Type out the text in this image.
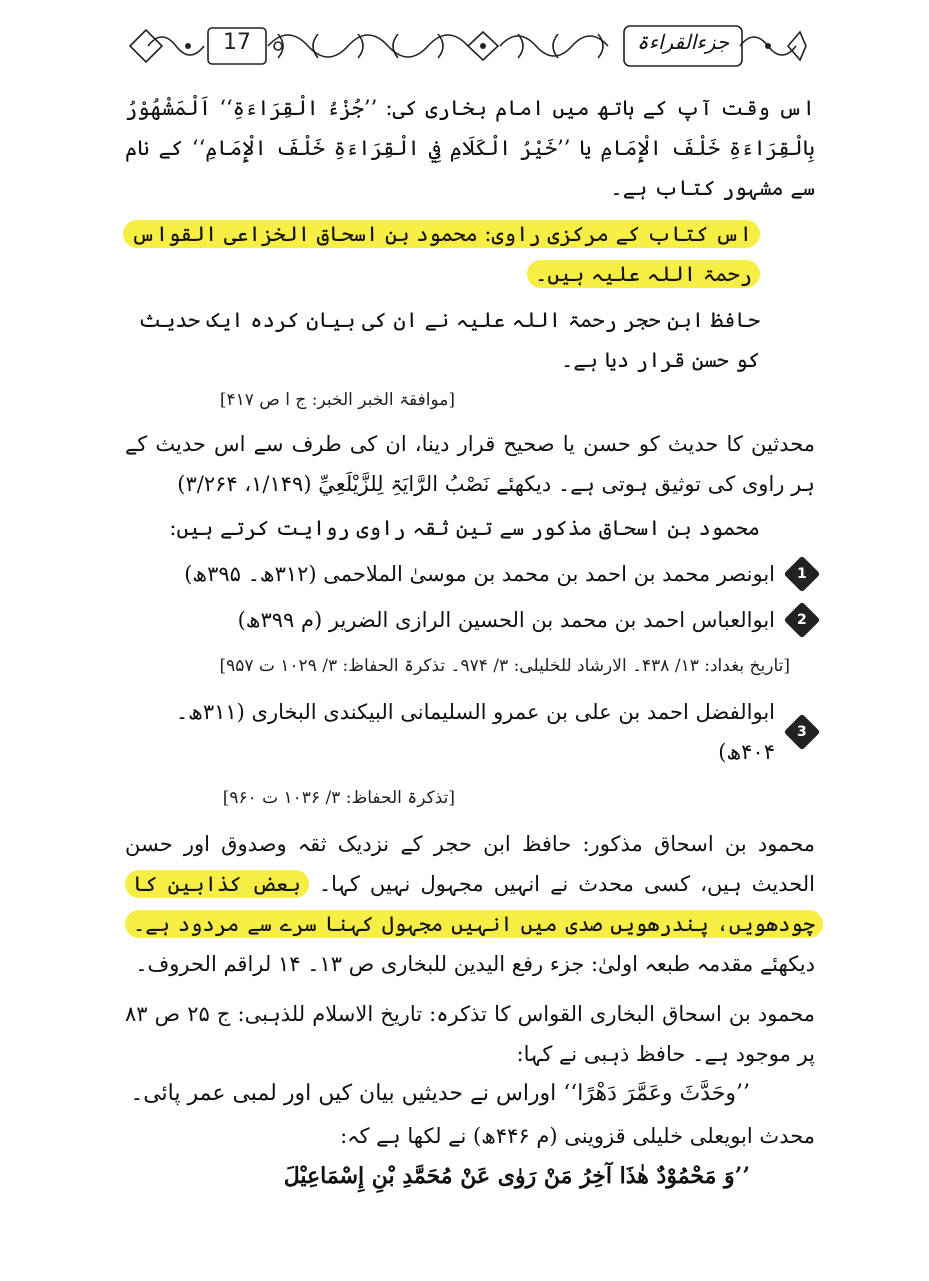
17	جزءالقراءۃ

اس وقت آپ کے ہاتھ میں امام بخاری کی: ’’جُزْءُ الْقِرَاءَۃِ‘‘ اَلْمَشْهُوْرُ بِالْقِرَاءَۃِ خَلْفَ الْإِمَامِ یا ’’خَیْرُ الْكَلَامِ فِي الْقِرَاءَۃِ خَلْفَ الْإِمَامِ‘‘ کے نام سے مشہور کتاب ہے۔

اس کتاب کے مرکزی راوی: محمود بن اسحاق الخزاعی القواس رحمۃ اللہ علیہ ہیں۔

حافظ ابن حجر رحمۃ اللہ علیہ نے ان کی بیان کردہ ایک حدیث کو حسن قرار دیا ہے۔

[موافقۃ الخبر الخبر: ج ا ص ۴۱۷]

محدثین کا حدیث کو حسن یا صحیح قرار دینا، ان کی طرف سے اس حدیث کے ہر راوی کی توثیق ہوتی ہے۔ دیکھئے نَصْبُ الرَّایَۃِ لِلزَّیْلَعِيِّ (۱/۱۴۹، ۳/۲۶۴)

محمود بن اسحاق مذکور سے تین ثقہ راوی روایت کرتے ہیں:

1
ابونصر محمد بن احمد بن محمد بن موسیٰ الملاحمی (۳۱۲ھ۔ ۳۹۵ھ)
2
ابوالعباس احمد بن محمد بن الحسین الرازی الضریر (م ۳۹۹ھ)

[تاریخ بغداد: ۱۳/ ۴۳۸۔ الارشاد للخلیلی: ۳/ ۹۷۴۔ تذکرۃ الحفاظ: ۳/ ۱۰۲۹ ت ۹۵۷]

3
ابوالفضل احمد بن علی بن عمرو السلیمانی البیکندی البخاری (۳۱۱ھ۔ ۴۰۴ھ)

[تذکرۃ الحفاظ: ۳/ ۱۰۳۶ ت ۹۶۰]

محمود بن اسحاق مذکور: حافظ ابن حجر کے نزدیک ثقہ وصدوق اور حسن الحدیث ہیں، کسی محدث نے انہیں مجہول نہیں کہا۔ بعض کذابین کا چودھویں، پندرھویں صدی میں انہیں مجہول کہنا سرے سے مردود ہے۔ دیکھئے مقدمہ طبعہ اولیٰ: جزء رفع الیدین للبخاری ص ۱۳۔ ۱۴ لراقم الحروف۔

محمود بن اسحاق البخاری القواس کا تذکرہ: تاریخ الاسلام للذہبی: ج ۲۵ ص ۸۳ پر موجود ہے۔ حافظ ذہبی نے کہا:

’’وحَدَّثَ وعَمَّرَ دَهْرًا‘‘ اوراس نے حدیثیں بیان کیں اور لمبی عمر پائی۔

محدث ابویعلی خلیلی قزوینی (م ۴۴۶ھ) نے لکھا ہے کہ:

’’وَ مَحْمُوْدٌ هٰذَا آخِرُ مَنْ رَوٰی عَنْ مُحَمَّدِ بْنِ إِسْمَاعِیْلَ
